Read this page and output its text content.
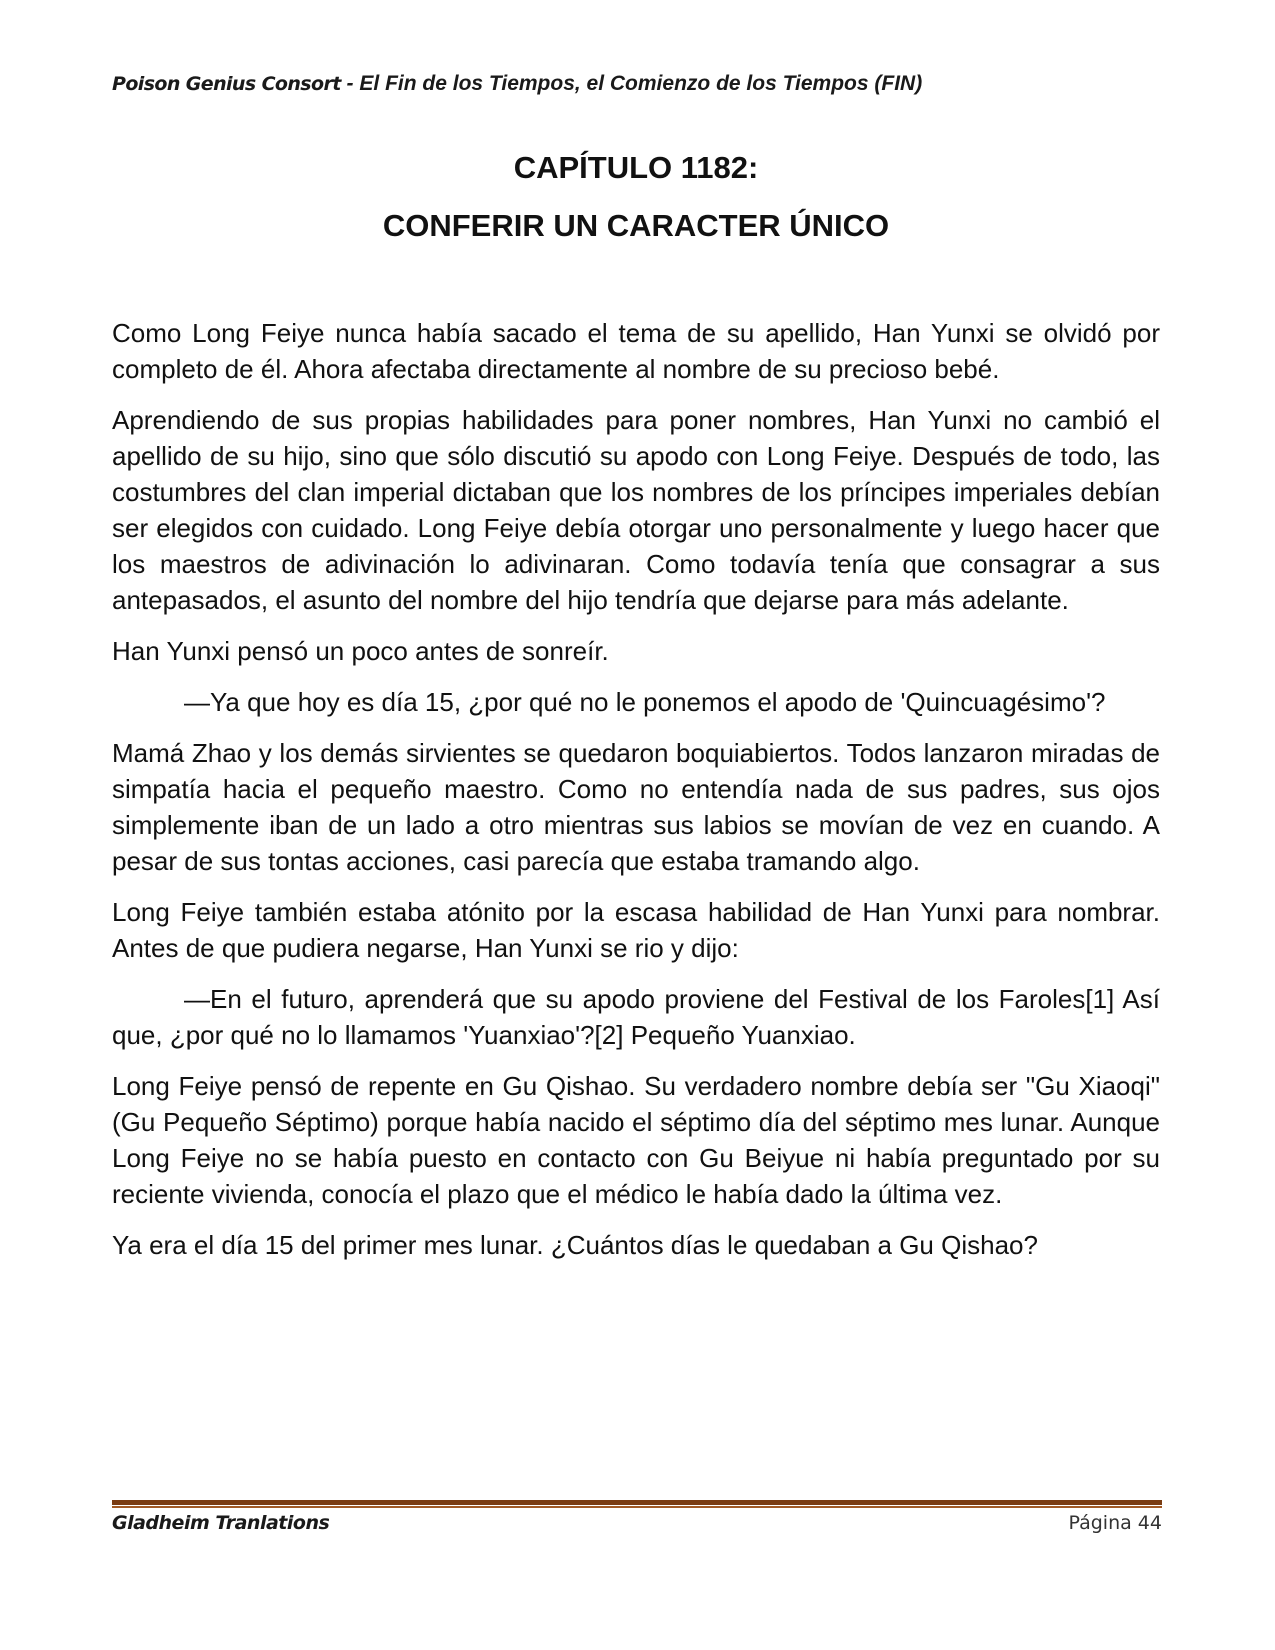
Poison Genius Consort - El Fin de los Tiempos, el Comienzo de los Tiempos (FIN)
CAPÍTULO 1182:
CONFERIR UN CARACTER ÚNICO

Como Long Feiye nunca había sacado el tema de su apellido, Han Yunxi se olvidó por completo de él. Ahora afectaba directamente al nombre de su precioso bebé.

Aprendiendo de sus propias habilidades para poner nombres, Han Yunxi no cambió el apellido de su hijo, sino que sólo discutió su apodo con Long Feiye. Después de todo, las costumbres del clan imperial dictaban que los nombres de los príncipes imperiales debían ser elegidos con cuidado. Long Feiye debía otorgar uno personalmente y luego hacer que los maestros de adivinación lo adivinaran. Como todavía tenía que consagrar a sus antepasados, el asunto del nombre del hijo tendría que dejarse para más adelante.

Han Yunxi pensó un poco antes de sonreír.

—Ya que hoy es día 15, ¿por qué no le ponemos el apodo de 'Quincuagésimo'?

Mamá Zhao y los demás sirvientes se quedaron boquiabiertos. Todos lanzaron miradas de simpatía hacia el pequeño maestro. Como no entendía nada de sus padres, sus ojos simplemente iban de un lado a otro mientras sus labios se movían de vez en cuando. A pesar de sus tontas acciones, casi parecía que estaba tramando algo.

Long Feiye también estaba atónito por la escasa habilidad de Han Yunxi para nombrar. Antes de que pudiera negarse, Han Yunxi se rio y dijo:

—En el futuro, aprenderá que su apodo proviene del Festival de los Faroles[1] Así que, ¿por qué no lo llamamos 'Yuanxiao'?[2] Pequeño Yuanxiao.

Long Feiye pensó de repente en Gu Qishao. Su verdadero nombre debía ser "Gu Xiaoqi" (Gu Pequeño Séptimo) porque había nacido el séptimo día del séptimo mes lunar. Aunque Long Feiye no se había puesto en contacto con Gu Beiyue ni había preguntado por su reciente vivienda, conocía el plazo que el médico le había dado la última vez.

Ya era el día 15 del primer mes lunar. ¿Cuántos días le quedaban a Gu Qishao?

Gladheim Tranlations	Página 44
